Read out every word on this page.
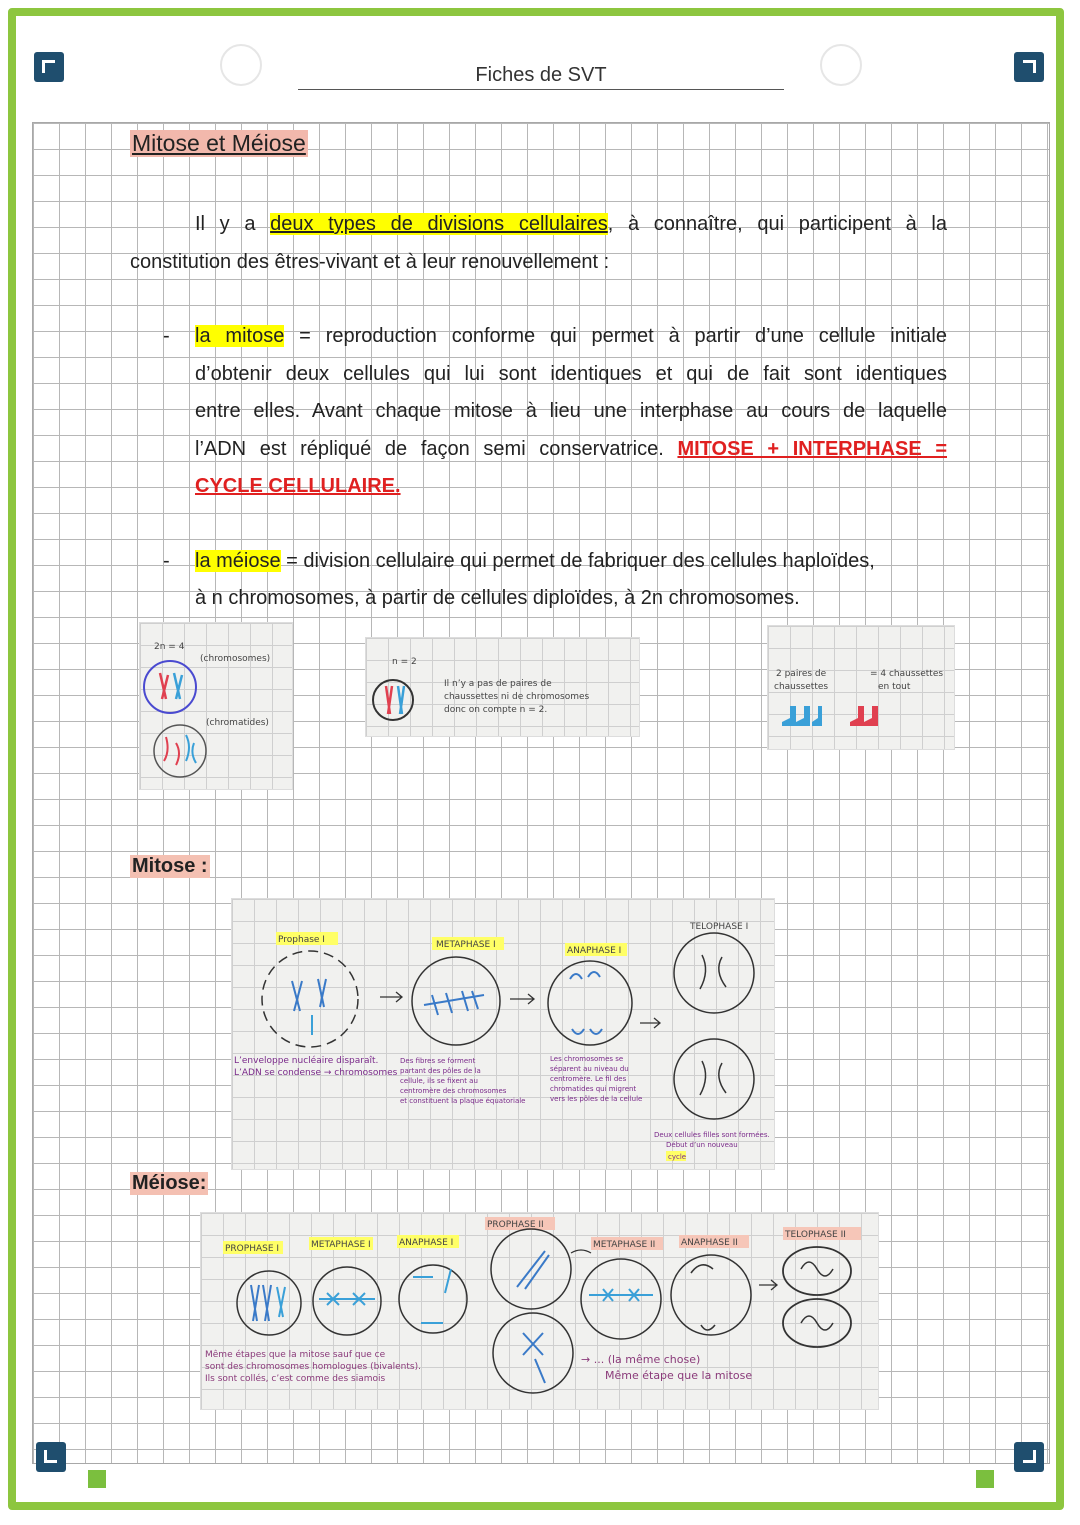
Fiches de SVT
Mitose et Méiose
Il y a deux types de divisions cellulaires, à connaître, qui participent à la
constitution des êtres-vivant et à leur renouvellement :
- la mitose = reproduction conforme qui permet à partir d’une cellule initiale
d’obtenir deux cellules qui lui sont identiques et qui de fait sont identiques
entre elles. Avant chaque mitose à lieu une interphase au cours de laquelle
l’ADN est répliqué de façon semi conservatrice. MITOSE + INTERPHASE =
CYCLE CELLULAIRE.
- la méiose = division cellulaire qui permet de fabriquer des cellules haploïdes,
à n chromosomes, à partir de cellules diploïdes, à 2n chromosomes.
2n = 4
(chromosomes)
(chromatides)
n = 2
Il n’y a pas de paires de
chaussettes ni de chromosomes
donc on compte n = 2.
2 paires de
chaussettes
= 4 chaussettes
en tout
Mitose :
Prophase I	METAPHASE I
ANAPHASE I
TELOPHASE I
L’enveloppe nucléaire disparaît.
L’ADN se condense → chromosomes
Des fibres se forment
partant des pôles de la
cellule, ils se fixent au
centromère des chromosomes
et constituent la plaque équatoriale
Les chromosomes se
séparent au niveau du
centromère. Le fil des
chromatides qui migrent
vers les pôles de la cellule
Deux cellules filles sont formées.
Début d’un nouveau
cycle
Méiose:
PROPHASE I	METAPHASE I	ANAPHASE I
PROPHASE II
METAPHASE II	ANAPHASE II
TELOPHASE II
Même étapes que la mitose sauf que ce
sont des chromosomes homologues (bivalents).
Ils sont collés, c’est comme des siamois
→ ... (la même chose)
Même étape que la mitose
